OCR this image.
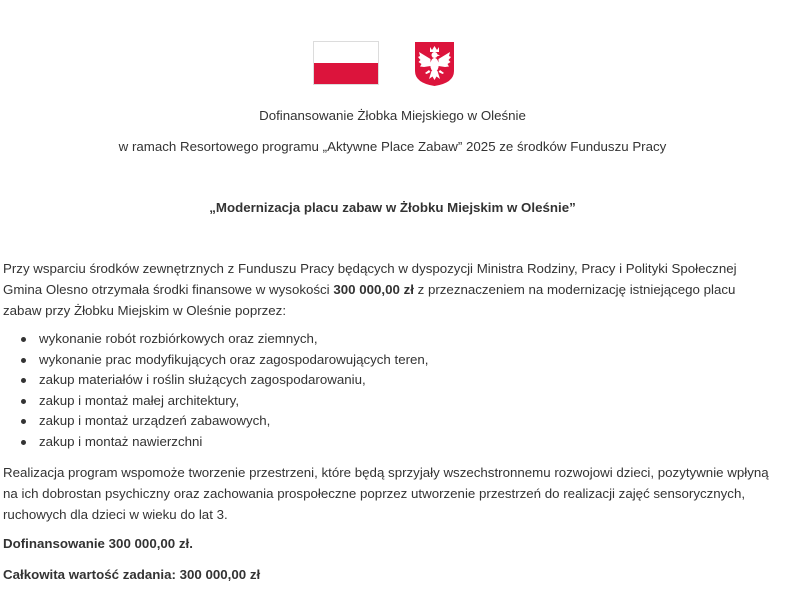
Dofinansowanie Żłobka Miejskiego w Oleśnie
w ramach Resortowego programu „Aktywne Place Zabaw” 2025 ze środków Funduszu Pracy
„Modernizacja placu zabaw w Żłobku Miejskim w Oleśnie”

Przy wsparciu środków zewnętrznych z Funduszu Pracy będących w dyspozycji Ministra Rodziny, Pracy i Polityki Społecznej Gmina Olesno otrzymała środki finansowe w wysokości 300 000,00 zł z przeznaczeniem na modernizację istniejącego placu zabaw przy Żłobku Miejskim w Oleśnie poprzez:

wykonanie robót rozbiórkowych oraz ziemnych,
wykonanie prac modyfikujących oraz zagospodarowujących teren,
zakup materiałów i roślin służących zagospodarowaniu,
zakup i montaż małej architektury,
zakup i montaż urządzeń zabawowych,
zakup i montaż nawierzchni

Realizacja program wspomoże tworzenie przestrzeni, które będą sprzyjały wszechstronnemu rozwojowi dzieci, pozytywnie wpłyną na ich dobrostan psychiczny oraz zachowania prospołeczne poprzez utworzenie przestrzeń do realizacji zajęć sensorycznych, ruchowych dla dzieci w wieku do lat 3.

Dofinansowanie 300 000,00 zł.
Całkowita wartość zadania: 300 000,00 zł
